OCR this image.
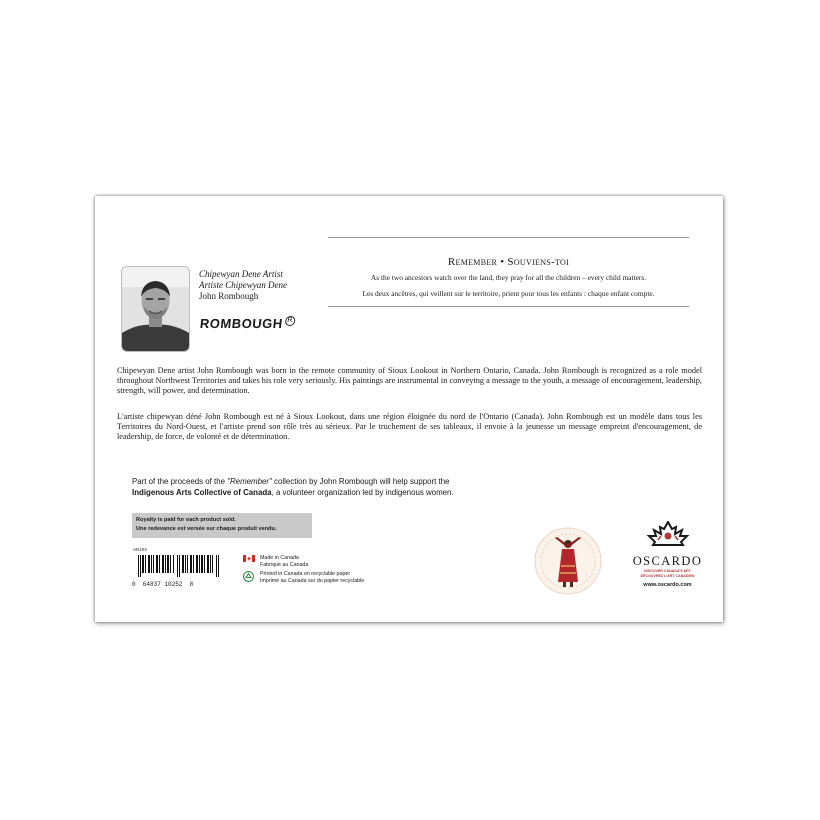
Chipewyan Dene Artist
Artiste Chipewyan Dene
John Rombough
ROMBOUGH R
Remember • Souviens-toi
As the two ancestors watch over the land, they pray for all the children – every child matters.
Les deux ancêtres, qui veillent sur le territoire, prient pour tous les enfants : chaque enfant compte.
Chipewyan Dene artist John Rombough was born in the remote community of Sioux Lookout in Northern Ontario, Canada. John Rombough is recognized as a role model throughout Northwest Territories and takes his role very seriously. His paintings are instrumental in conveying a message to the youth, a message of encouragement, leadership, strength, will power, and determination.
L'artiste chipewyan déné John Rombough est né à Sioux Lookout, dans une région éloignée du nord de l'Ontario (Canada). John Rombough est un modèle dans tous les Territoires du Nord-Ouest, et l'artiste prend son rôle très au sérieux. Par le truchement de ses tableaux, il envoie à la jeunesse un message empreint d'encouragement, de leadership, de force, de volonté et de détermination.
Part of the proceeds of the "Remember" collection by John Rombough will help support the
Indigenous Arts Collective of Canada, a volunteer organization led by indigenous women.
Royalty is paid for each product sold.
Une redevance est versée sur chaque produit vendu.
AN103
0  64837 10252  8
Made in Canada
Fabriqué au Canada
Printed in Canada on recyclable paper
Imprimé au Canada sur du papier recyclable
OSCARDO
DISCOVER CANADA'S ART
DÉCOUVREZ L'ART CANADIEN
www.oscardo.com
